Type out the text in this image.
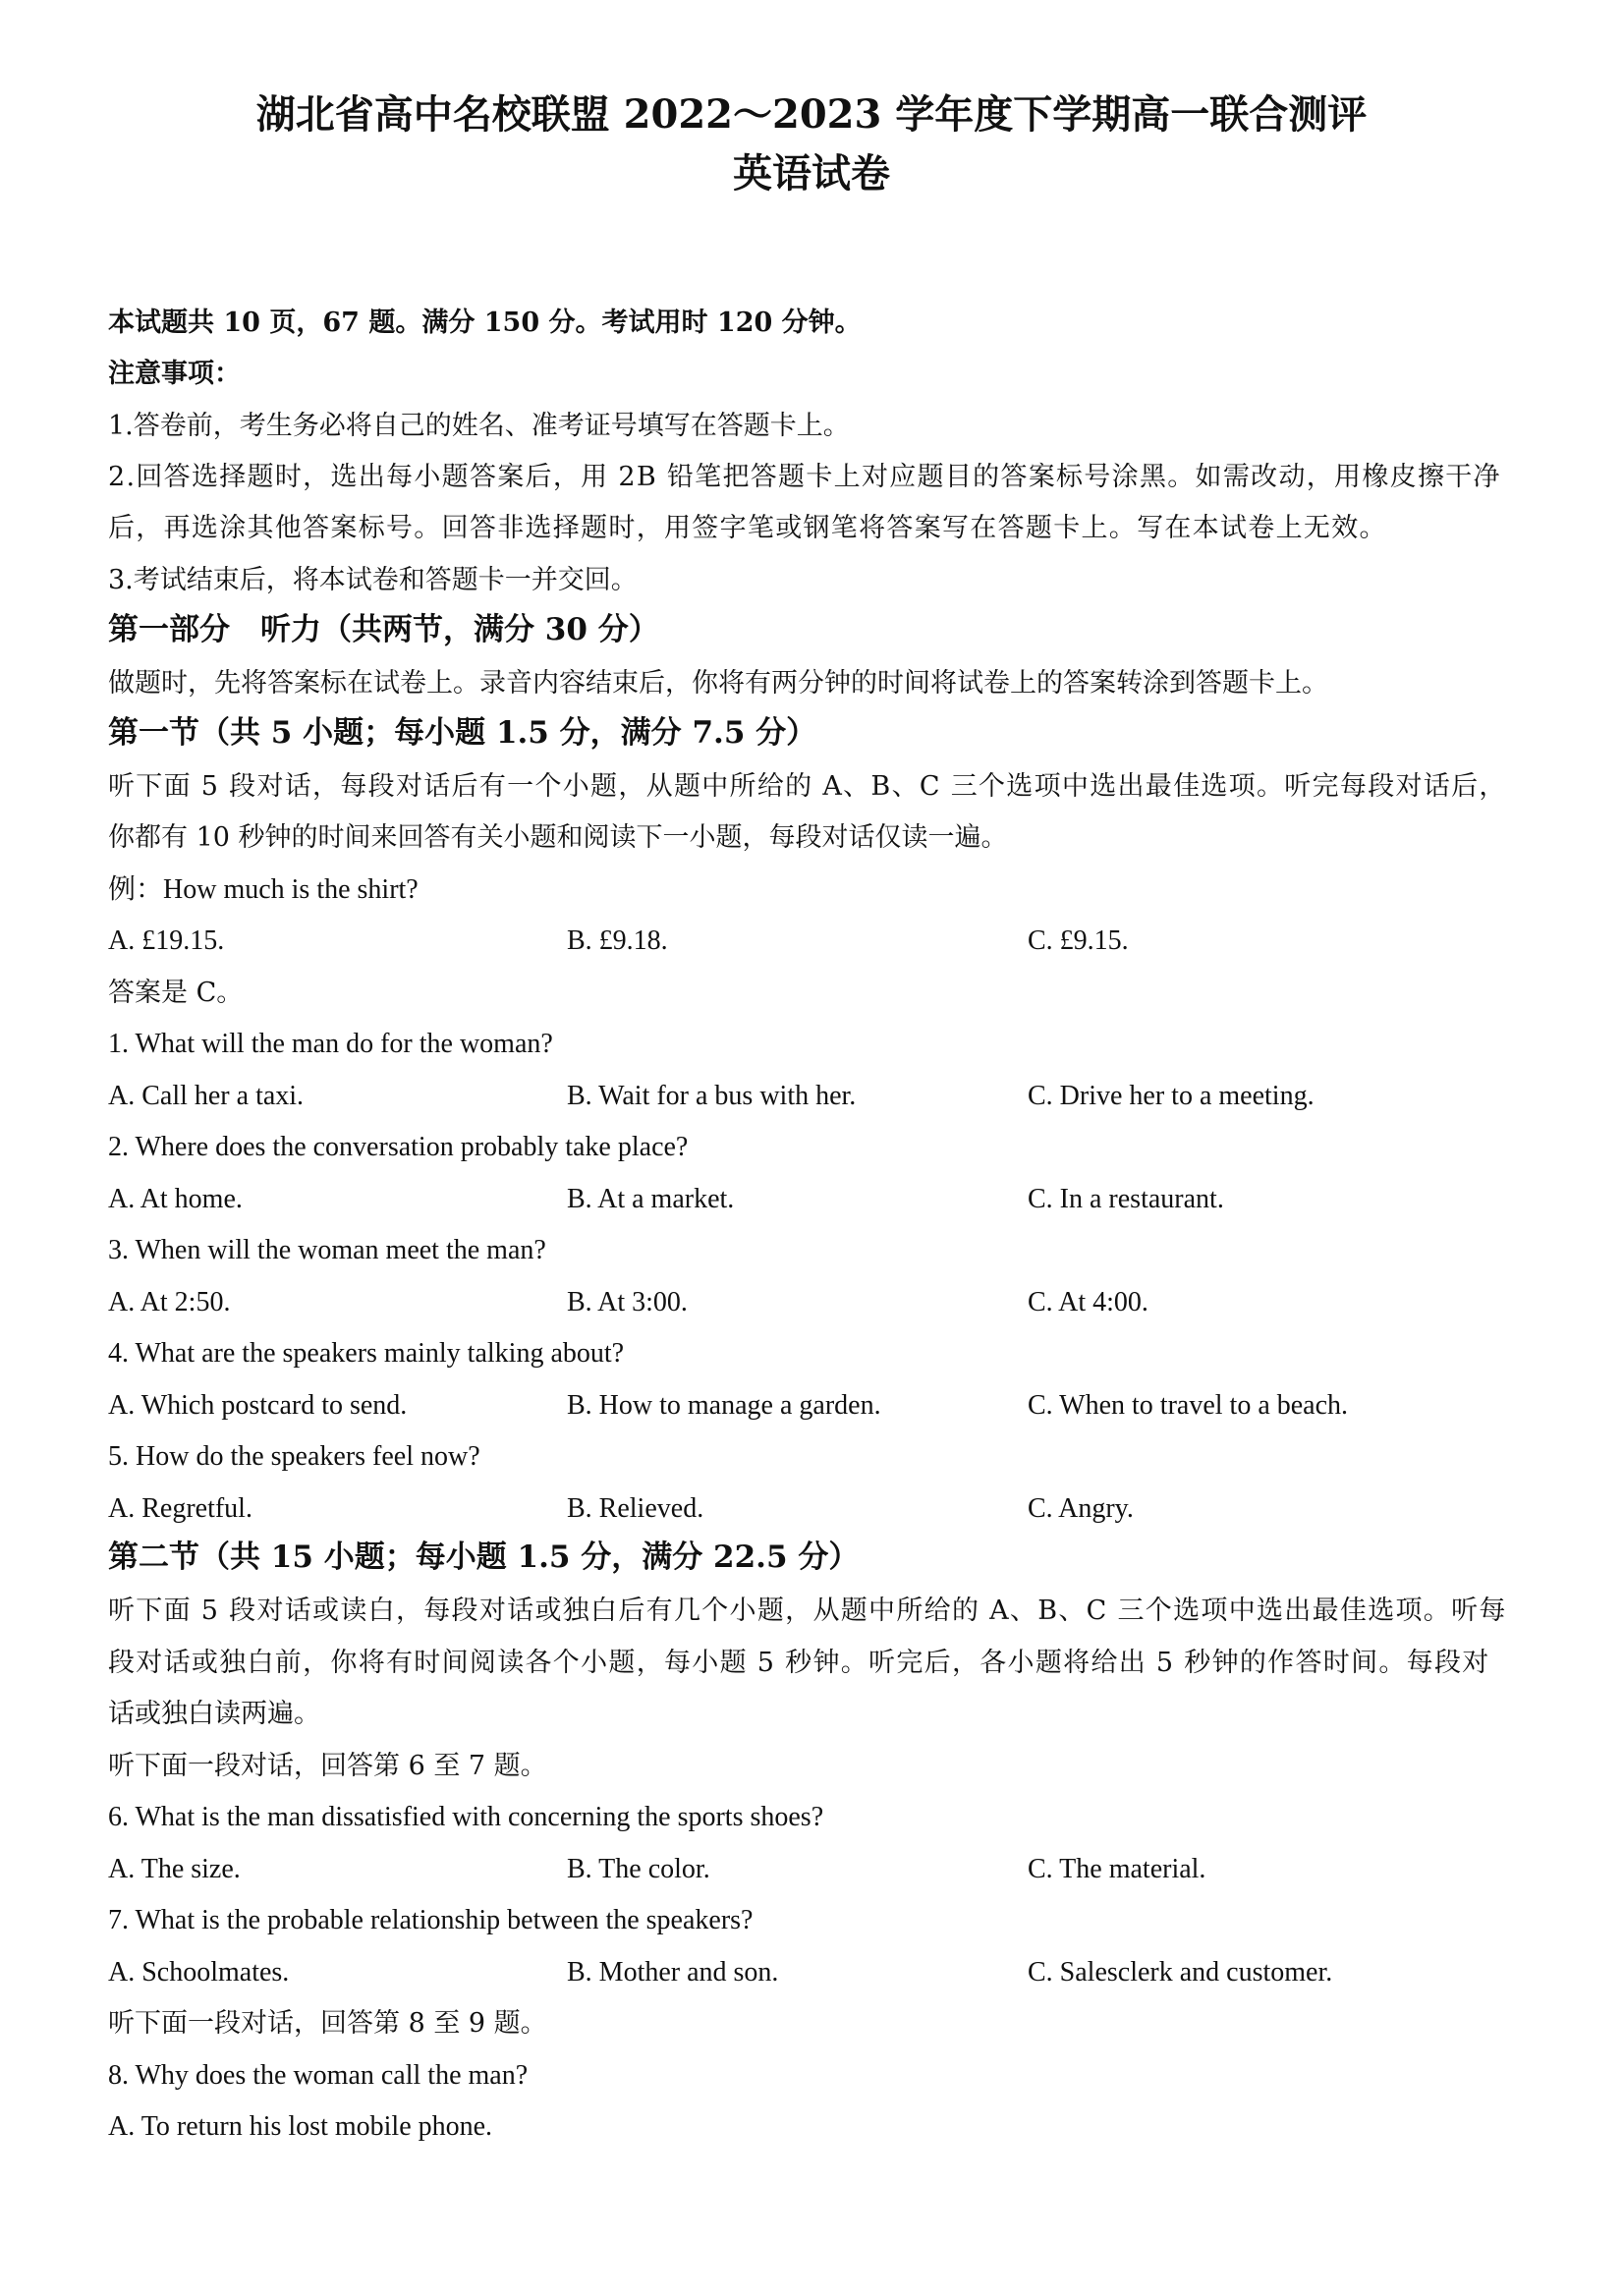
湖北省高中名校联盟 2022～2023 学年度下学期高一联合测评
英语试卷
本试题共 10 页，67 题。满分 150 分。考试用时 120 分钟。
注意事项：
1.答卷前，考生务必将自己的姓名、准考证号填写在答题卡上。
2.回答选择题时，选出每小题答案后，用 2B 铅笔把答题卡上对应题目的答案标号涂黑。如需改动，用橡皮擦干净
后，再选涂其他答案标号。回答非选择题时，用签字笔或钢笔将答案写在答题卡上。写在本试卷上无效。
3.考试结束后，将本试卷和答题卡一并交回。
第一部分　听力（共两节，满分 30 分）
做题时，先将答案标在试卷上。录音内容结束后，你将有两分钟的时间将试卷上的答案转涂到答题卡上。
第一节（共 5 小题；每小题 1.5 分，满分 7.5 分）
听下面 5 段对话，每段对话后有一个小题，从题中所给的 A、B、C 三个选项中选出最佳选项。听完每段对话后，
你都有 10 秒钟的时间来回答有关小题和阅读下一小题，每段对话仅读一遍。
例：How much is the shirt?
A. £19.15.	B. £9.18.	C. £9.15.
答案是 C。
1. What will the man do for the woman?
A. Call her a taxi.	B. Wait for a bus with her.	C. Drive her to a meeting.
2. Where does the conversation probably take place?
A. At home.	B. At a market.	C. In a restaurant.
3. When will the woman meet the man?
A. At 2:50.	B. At 3:00.	C. At 4:00.
4. What are the speakers mainly talking about?
A. Which postcard to send.	B. How to manage a garden.	C. When to travel to a beach.
5. How do the speakers feel now?
A. Regretful.	B. Relieved.	C. Angry.
第二节（共 15 小题；每小题 1.5 分，满分 22.5 分）
听下面 5 段对话或读白，每段对话或独白后有几个小题，从题中所给的 A、B、C 三个选项中选出最佳选项。听每
段对话或独白前，你将有时间阅读各个小题，每小题 5 秒钟。听完后，各小题将给出 5 秒钟的作答时间。每段对
话或独白读两遍。
听下面一段对话，回答第 6 至 7 题。
6. What is the man dissatisfied with concerning the sports shoes?
A. The size.	B. The color.	C. The material.
7. What is the probable relationship between the speakers?
A. Schoolmates.	B. Mother and son.	C. Salesclerk and customer.
听下面一段对话，回答第 8 至 9 题。
8. Why does the woman call the man?
A. To return his lost mobile phone.
